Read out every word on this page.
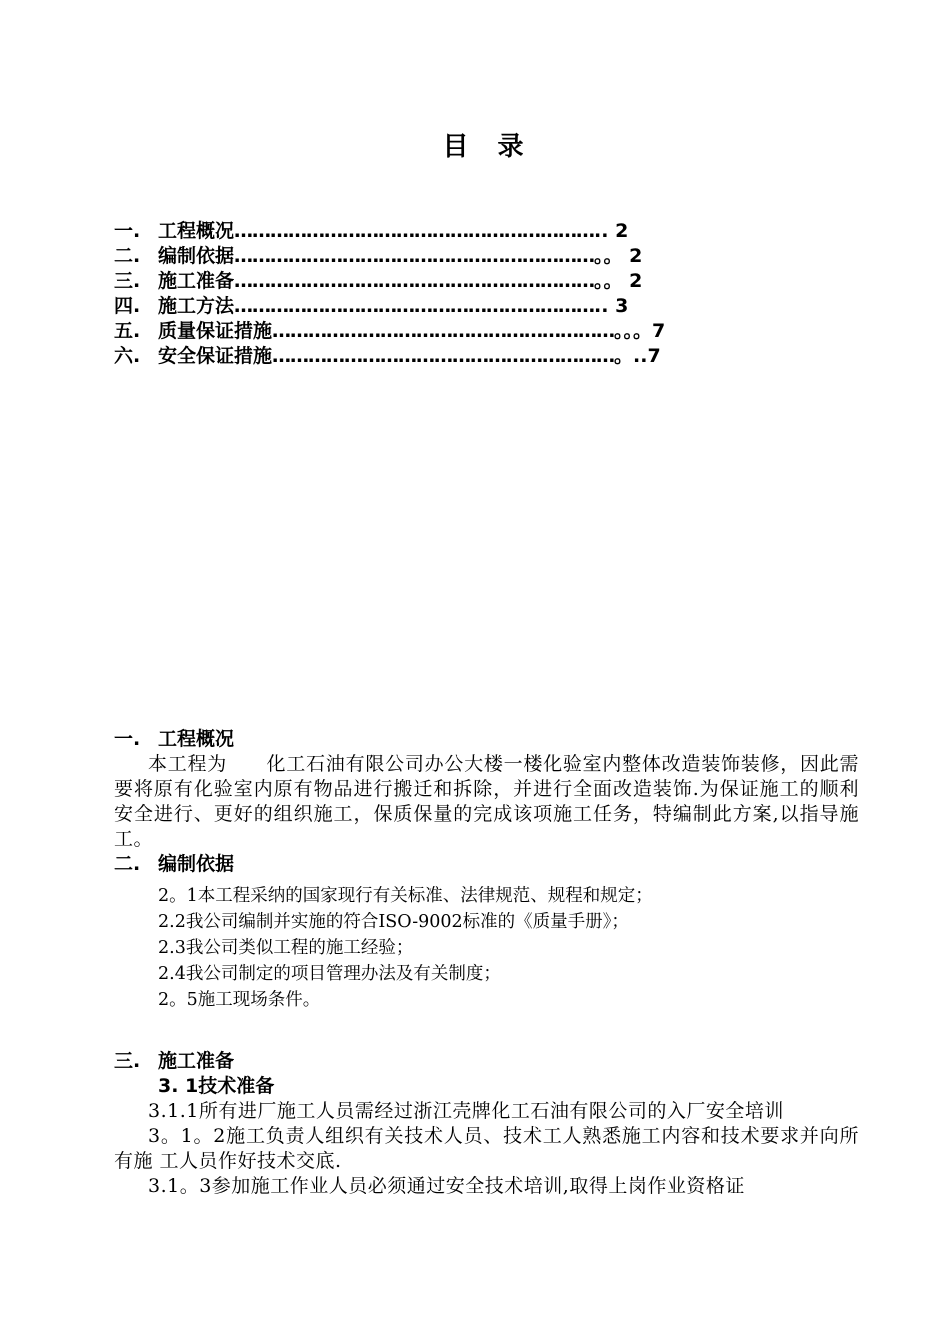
目 录
一. 工程概况…………………………………………………….. 2
二. 编制依据……………………………………………………。。 2
三. 施工准备……………………………………………………。。 2
四. 施工方法…………………………………………………….. 3
五. 质量保证措施…………………………………………………。。。7
六. 安全保证措施…………………………………………………。..7
一. 工程概况
本工程为　　化工石油有限公司办公大楼一楼化验室内整体改造装饰装修，因此需要将原有化验室内原有物品进行搬迁和拆除，并进行全面改造装饰.为保证施工的顺利安全进行、更好的组织施工，保质保量的完成该项施工任务，特编制此方案,以指导施工。
二. 编制依据
2。1本工程采纳的国家现行有关标准、法律规范、规程和规定；
2.2我公司编制并实施的符合ISO-9002标准的《质量手册》；
2.3我公司类似工程的施工经验；
2.4我公司制定的项目管理办法及有关制度；
2。5施工现场条件。
三. 施工准备
3. 1技术准备
3.1.1所有进厂施工人员需经过浙江壳牌化工石油有限公司的入厂安全培训
3。1。2施工负责人组织有关技术人员、技术工人熟悉施工内容和技术要求并向所有施 工人员作好技术交底.
3.1。3参加施工作业人员必须通过安全技术培训,取得上岗作业资格证
